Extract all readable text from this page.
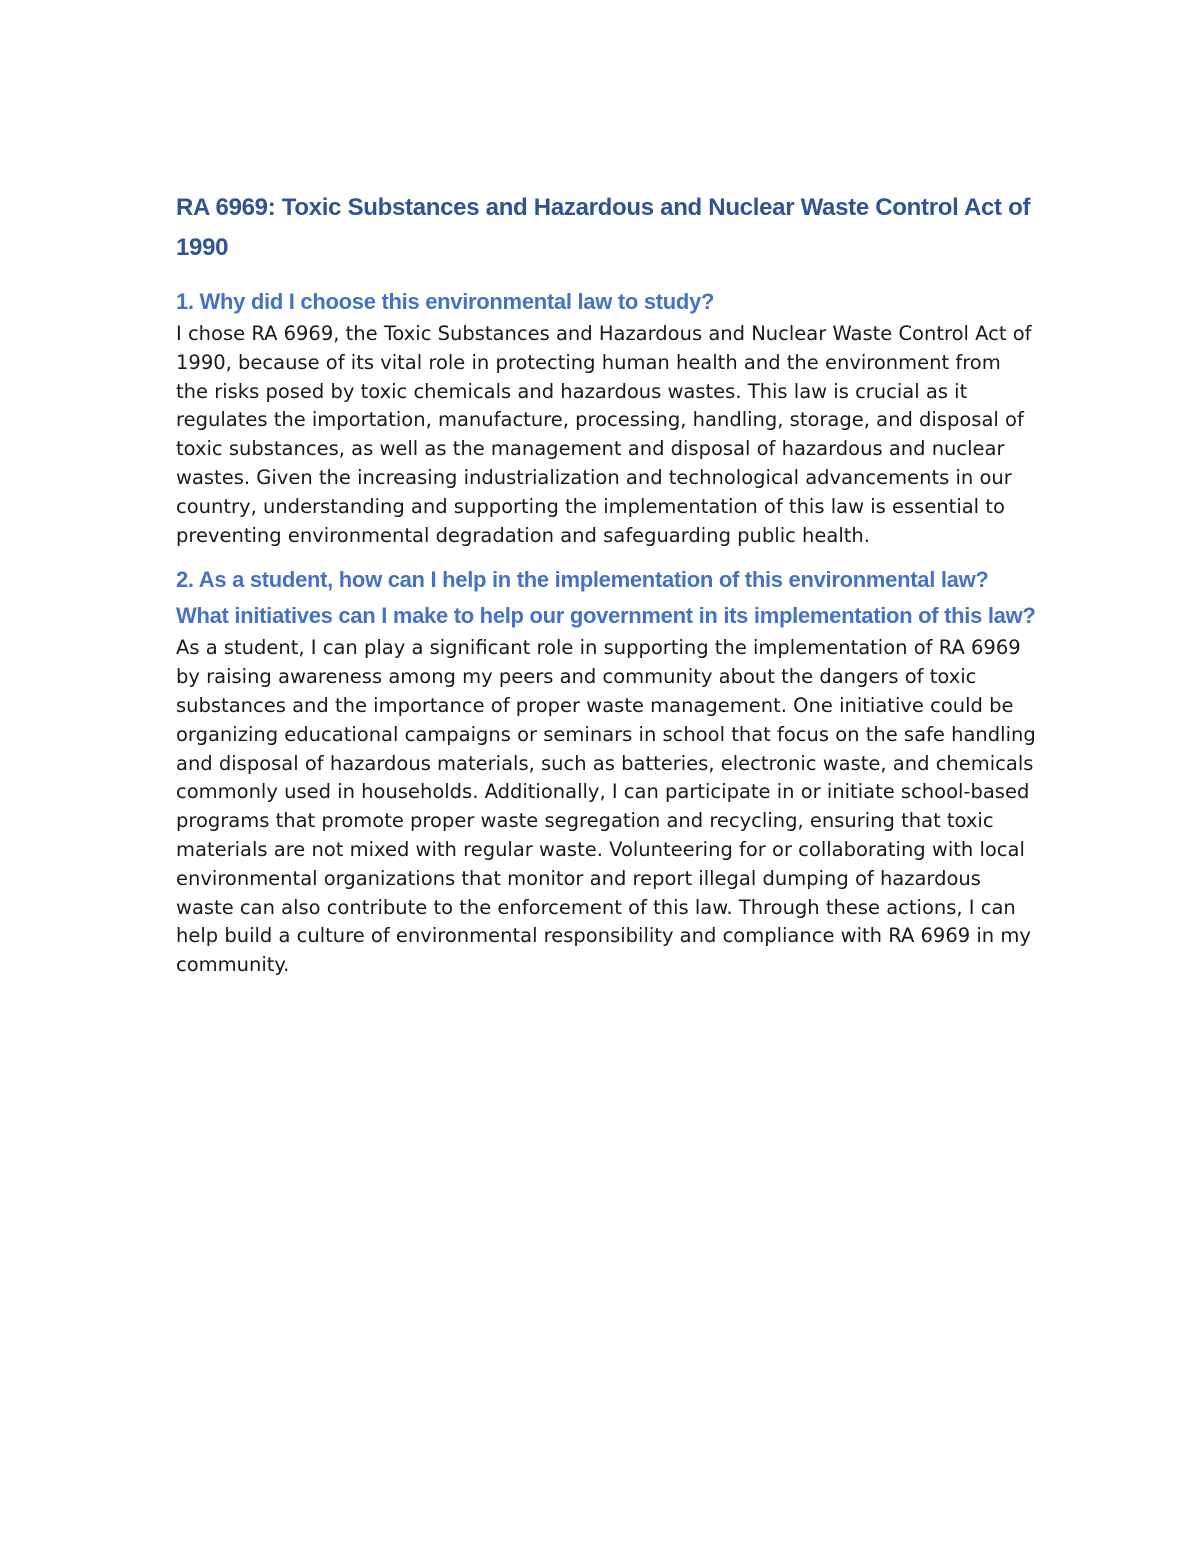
RA 6969: Toxic Substances and Hazardous and Nuclear Waste Control Act of 1990
1. Why did I choose this environmental law to study?

I chose RA 6969, the Toxic Substances and Hazardous and Nuclear Waste Control Act of 1990, because of its vital role in protecting human health and the environment from the risks posed by toxic chemicals and hazardous wastes. This law is crucial as it regulates the importation, manufacture, processing, handling, storage, and disposal of toxic substances, as well as the management and disposal of hazardous and nuclear wastes. Given the increasing industrialization and technological advancements in our country, understanding and supporting the implementation of this law is essential to preventing environmental degradation and safeguarding public health.

2. As a student, how can I help in the implementation of this environmental law? What initiatives can I make to help our government in its implementation of this law?

As a student, I can play a significant role in supporting the implementation of RA 6969 by raising awareness among my peers and community about the dangers of toxic substances and the importance of proper waste management. One initiative could be organizing educational campaigns or seminars in school that focus on the safe handling and disposal of hazardous materials, such as batteries, electronic waste, and chemicals commonly used in households. Additionally, I can participate in or initiate school-based programs that promote proper waste segregation and recycling, ensuring that toxic materials are not mixed with regular waste. Volunteering for or collaborating with local environmental organizations that monitor and report illegal dumping of hazardous waste can also contribute to the enforcement of this law. Through these actions, I can help build a culture of environmental responsibility and compliance with RA 6969 in my community.
